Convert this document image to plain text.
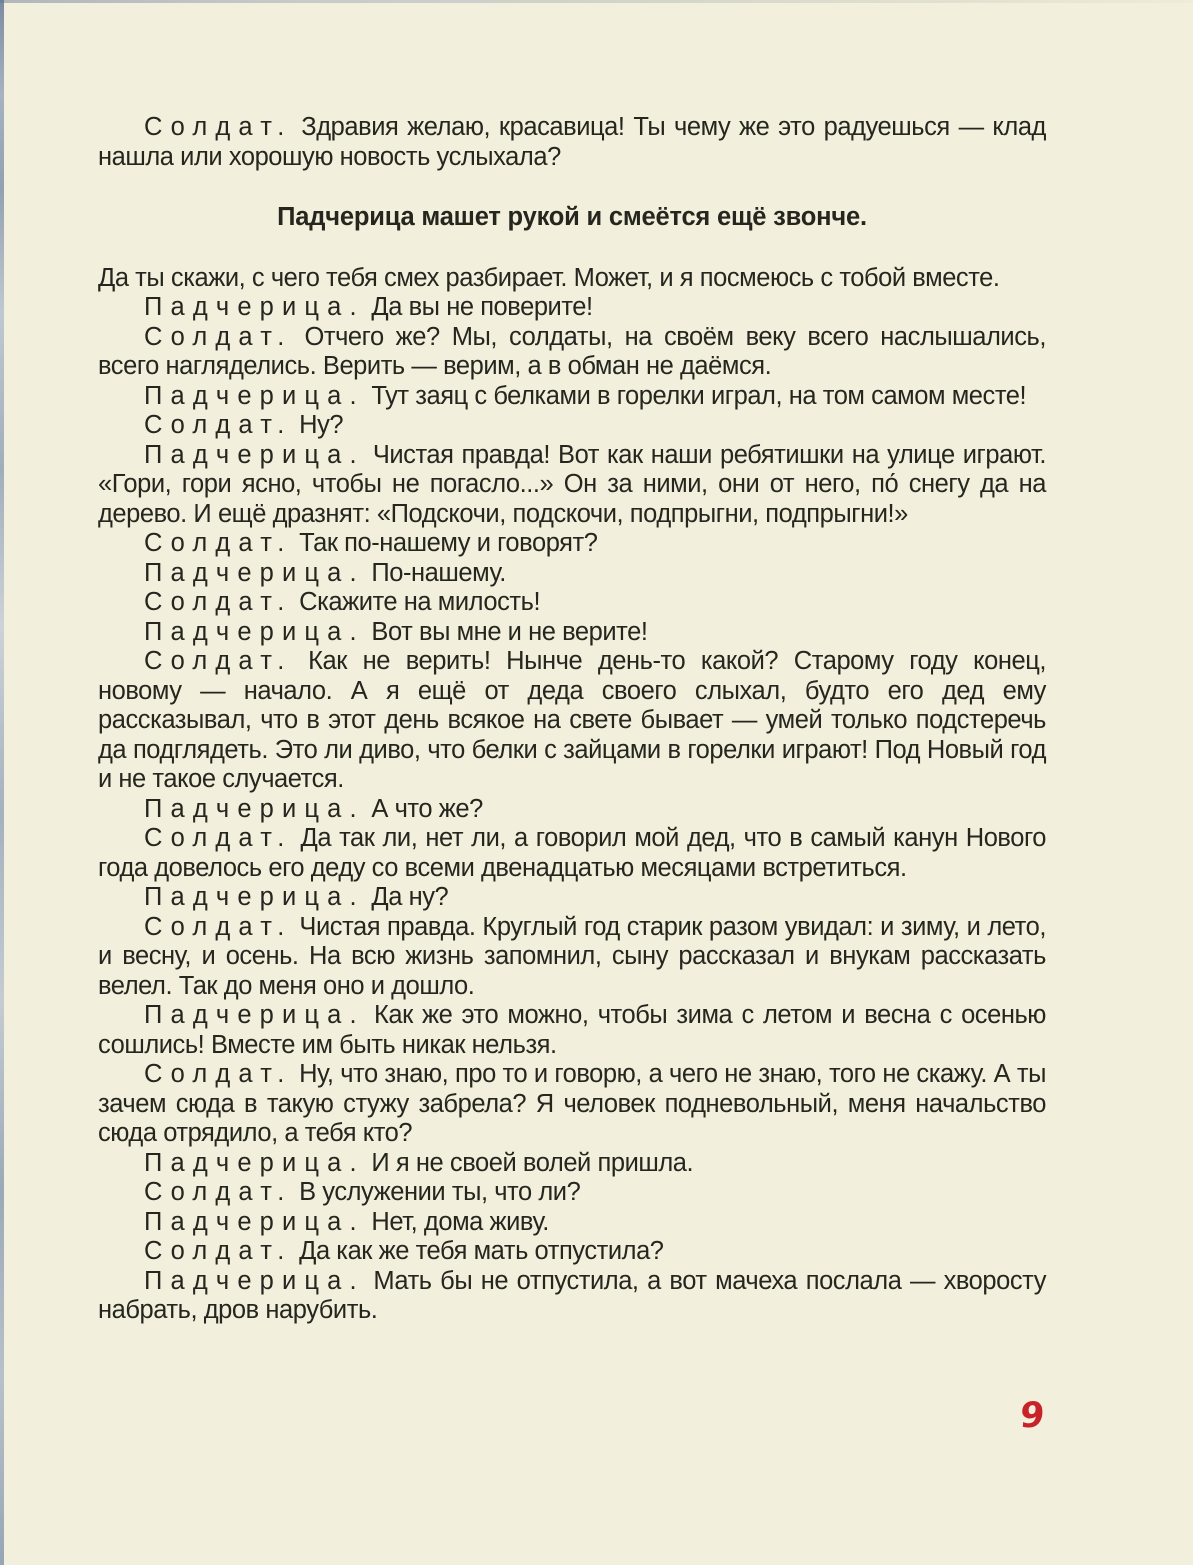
Солдат. Здравия желаю, красавица! Ты чему же это радуешься — клад нашла или хорошую новость услыхала?

Падчерица машет рукой и смеётся ещё звонче.

Да ты скажи, с чего тебя смех разбирает. Может, и я посмеюсь с тобой вместе.

Падчерица. Да вы не поверите!

Солдат. Отчего же? Мы, солдаты, на своём веку всего наслышались, всего нагляделись. Верить — верим, а в обман не даёмся.

Падчерица. Тут заяц с белками в горелки играл, на том самом месте!

Солдат. Ну?

Падчерица. Чистая правда! Вот как наши ребятишки на улице играют. «Гори, гори ясно, чтобы не погасло...» Он за ними, они от него, по́ снегу да на дерево. И ещё дразнят: «Подскочи, подскочи, подпрыгни, подпрыгни!»

Солдат. Так по-нашему и говорят?

Падчерица. По-нашему.

Солдат. Скажите на милость!

Падчерица. Вот вы мне и не верите!

Солдат. Как не верить! Нынче день-то какой? Старому году конец, новому — начало. А я ещё от деда своего слыхал, будто его дед ему рассказывал, что в этот день всякое на свете бывает — умей только подстеречь да подглядеть. Это ли диво, что белки с зайцами в горелки играют! Под Новый год и не такое случается.

Падчерица. А что же?

Солдат. Да так ли, нет ли, а говорил мой дед, что в самый канун Нового года довелось его деду со всеми двенадцатью месяцами встретиться.

Падчерица. Да ну?

Солдат. Чистая правда. Круглый год старик разом увидал: и зиму, и лето, и весну, и осень. На всю жизнь запомнил, сыну рассказал и внукам рассказать велел. Так до меня оно и дошло.

Падчерица. Как же это можно, чтобы зима с летом и весна с осенью сошлись! Вместе им быть никак нельзя.

Солдат. Ну, что знаю, про то и говорю, а чего не знаю, того не скажу. А ты зачем сюда в такую стужу забрела? Я человек подневольный, меня начальство сюда отрядило, а тебя кто?

Падчерица. И я не своей волей пришла.

Солдат. В услужении ты, что ли?

Падчерица. Нет, дома живу.

Солдат. Да как же тебя мать отпустила?

Падчерица. Мать бы не отпустила, а вот мачеха послала — хворосту набрать, дров нарубить.

9
